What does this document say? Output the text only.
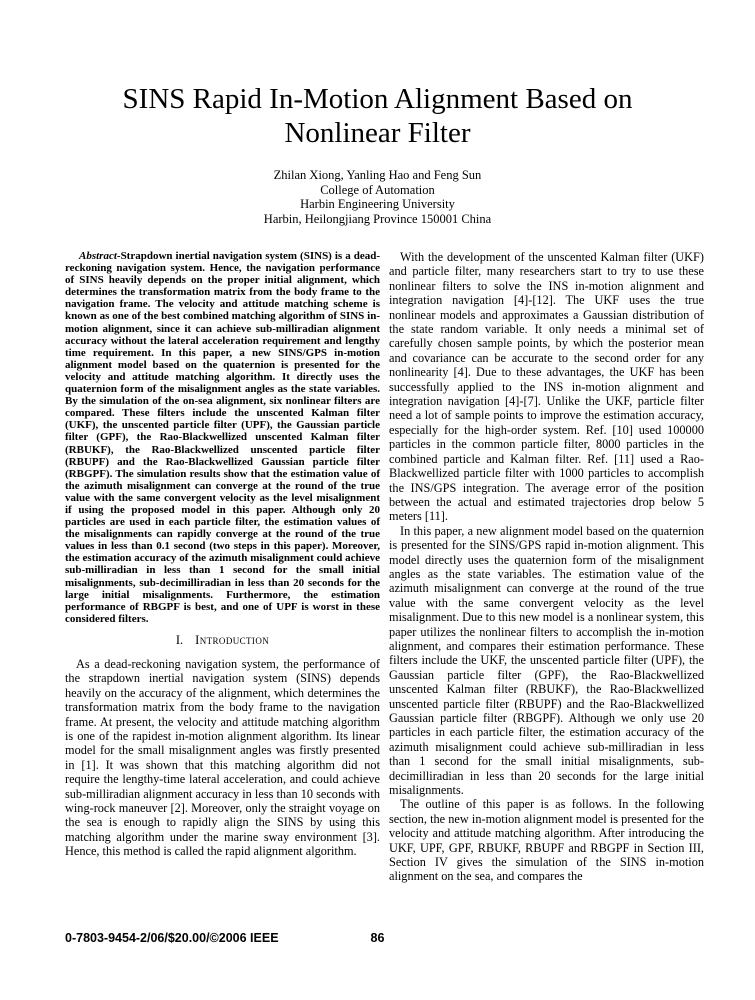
SINS Rapid In-Motion Alignment Based on
Nonlinear Filter
Zhilan Xiong, Yanling Hao and Feng Sun
College of Automation
Harbin Engineering University
Harbin, Heilongjiang Province 150001 China

Abstract-Strapdown inertial navigation system (SINS) is a dead-reckoning navigation system. Hence, the navigation performance of SINS heavily depends on the proper initial alignment, which determines the transformation matrix from the body frame to the navigation frame. The velocity and attitude matching scheme is known as one of the best combined matching algorithm of SINS in-motion alignment, since it can achieve sub-milliradian alignment accuracy without the lateral acceleration requirement and lengthy time requirement. In this paper, a new SINS/GPS in-motion alignment model based on the quaternion is presented for the velocity and attitude matching algorithm. It directly uses the quaternion form of the misalignment angles as the state variables. By the simulation of the on-sea alignment, six nonlinear filters are compared. These filters include the unscented Kalman filter (UKF), the unscented particle filter (UPF), the Gaussian particle filter (GPF), the Rao-Blackwellized unscented Kalman filter (RBUKF), the Rao-Blackwellized unscented particle filter (RBUPF) and the Rao-Blackwellized Gaussian particle filter (RBGPF). The simulation results show that the estimation value of the azimuth misalignment can converge at the round of the true value with the same convergent velocity as the level misalignment if using the proposed model in this paper. Although only 20 particles are used in each particle filter, the estimation values of the misalignments can rapidly converge at the round of the true values in less than 0.1 second (two steps in this paper). Moreover, the estimation accuracy of the azimuth misalignment could achieve sub-milliradian in less than 1 second for the small initial misalignments, sub-decimilliradian in less than 20 seconds for the large initial misalignments. Furthermore, the estimation performance of RBGPF is best, and one of UPF is worst in these considered filters.

I. Introduction

As a dead-reckoning navigation system, the performance of the strapdown inertial navigation system (SINS) depends heavily on the accuracy of the alignment, which determines the transformation matrix from the body frame to the navigation frame. At present, the velocity and attitude matching algorithm is one of the rapidest in-motion alignment algorithm. Its linear model for the small misalignment angles was firstly presented in [1]. It was shown that this matching algorithm did not require the lengthy-time lateral acceleration, and could achieve sub-milliradian alignment accuracy in less than 10 seconds with wing-rock maneuver [2]. Moreover, only the straight voyage on the sea is enough to rapidly align the SINS by using this matching algorithm under the marine sway environment [3]. Hence, this method is called the rapid alignment algorithm.

With the development of the unscented Kalman filter (UKF) and particle filter, many researchers start to try to use these nonlinear filters to solve the INS in-motion alignment and integration navigation [4]-[12]. The UKF uses the true nonlinear models and approximates a Gaussian distribution of the state random variable. It only needs a minimal set of carefully chosen sample points, by which the posterior mean and covariance can be accurate to the second order for any nonlinearity [4]. Due to these advantages, the UKF has been successfully applied to the INS in-motion alignment and integration navigation [4]-[7]. Unlike the UKF, particle filter need a lot of sample points to improve the estimation accuracy, especially for the high-order system. Ref. [10] used 100000 particles in the common particle filter, 8000 particles in the combined particle and Kalman filter. Ref. [11] used a Rao-Blackwellized particle filter with 1000 particles to accomplish the INS/GPS integration. The average error of the position between the actual and estimated trajectories drop below 5 meters [11].

In this paper, a new alignment model based on the quaternion is presented for the SINS/GPS rapid in-motion alignment. This model directly uses the quaternion form of the misalignment angles as the state variables. The estimation value of the azimuth misalignment can converge at the round of the true value with the same convergent velocity as the level misalignment. Due to this new model is a nonlinear system, this paper utilizes the nonlinear filters to accomplish the in-motion alignment, and compares their estimation performance. These filters include the UKF, the unscented particle filter (UPF), the Gaussian particle filter (GPF), the Rao-Blackwellized unscented Kalman filter (RBUKF), the Rao-Blackwellized unscented particle filter (RBUPF) and the Rao-Blackwellized Gaussian particle filter (RBGPF). Although we only use 20 particles in each particle filter, the estimation accuracy of the azimuth misalignment could achieve sub-milliradian in less than 1 second for the small initial misalignments, sub-decimilliradian in less than 20 seconds for the large initial misalignments.

The outline of this paper is as follows. In the following section, the new in-motion alignment model is presented for the velocity and attitude matching algorithm. After introducing the UKF, UPF, GPF, RBUKF, RBUPF and RBGPF in Section III, Section IV gives the simulation of the SINS in-motion alignment on the sea, and compares the

0-7803-9454-2/06/$20.00/©2006 IEEE	86
